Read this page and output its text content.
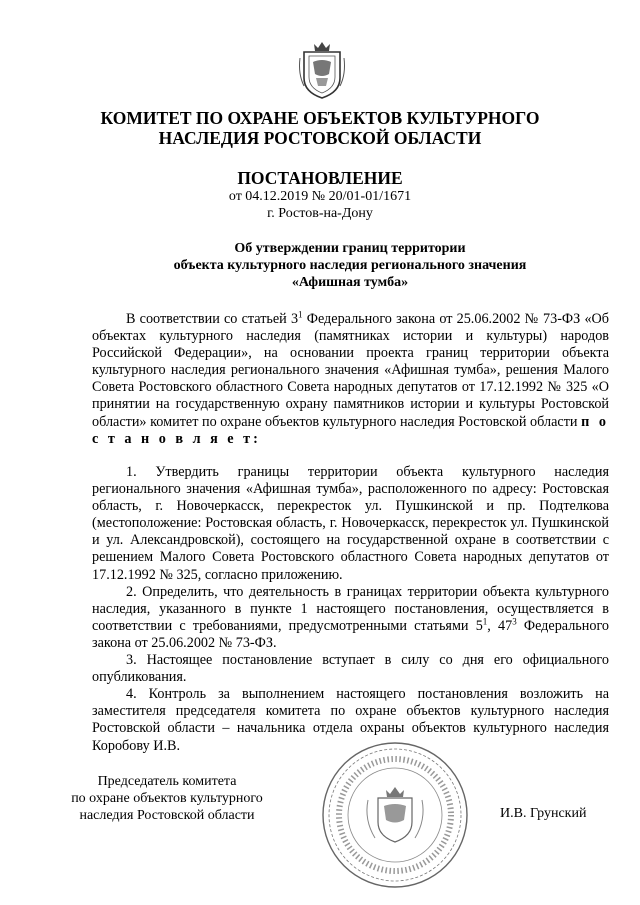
КОМИТЕТ ПО ОХРАНЕ ОБЪЕКТОВ КУЛЬТУРНОГО
НАСЛЕДИЯ РОСТОВСКОЙ ОБЛАСТИ
ПОСТАНОВЛЕНИЕ
от 04.12.2019 № 20/01-01/1671
г. Ростов-на-Дону
Об утверждении границ территории
объекта культурного наследия регионального значения
«Афишная тумба»

В соответствии со статьей $3^1$ Федерального закона от 25.06.2002 № 73-ФЗ «Об объектах культурного наследия (памятниках истории и культуры) народов Российской Федерации», на основании проекта границ территории объекта культурного наследия регионального значения «Афишная тумба», решения Малого Совета Ростовского областного Совета народных депутатов от 17.12.1992 № 325 «О принятии на государственную охрану памятников истории и культуры Ростовской области» комитет по охране объектов культурного наследия Ростовской области п о с т а н о в л я е т:

1. Утвердить границы территории объекта культурного наследия регионального значения «Афишная тумба», расположенного по адресу: Ростовская область, г. Новочеркасск, перекресток ул. Пушкинской и пр. Подтелкова (местоположение: Ростовская область, г. Новочеркасск, перекресток ул. Пушкинской и ул. Александровской), состоящего на государственной охране в соответствии с решением Малого Совета Ростовского областного Совета народных депутатов от 17.12.1992 № 325, согласно приложению.

2. Определить, что деятельность в границах территории объекта культурного наследия, указанного в пункте 1 настоящего постановления, осуществляется в соответствии с требованиями, предусмотренными статьями $5^1$, $47^3$ Федерального закона от 25.06.2002 № 73-ФЗ.

3. Настоящее постановление вступает в силу со дня его официального опубликования.

4. Контроль за выполнением настоящего постановления возложить на заместителя председателя комитета по охране объектов культурного наследия Ростовской области – начальника отдела охраны объектов культурного наследия Коробову И.В.

Председатель комитета
по охране объектов культурного
наследия Ростовской области	И.В. Грунский
